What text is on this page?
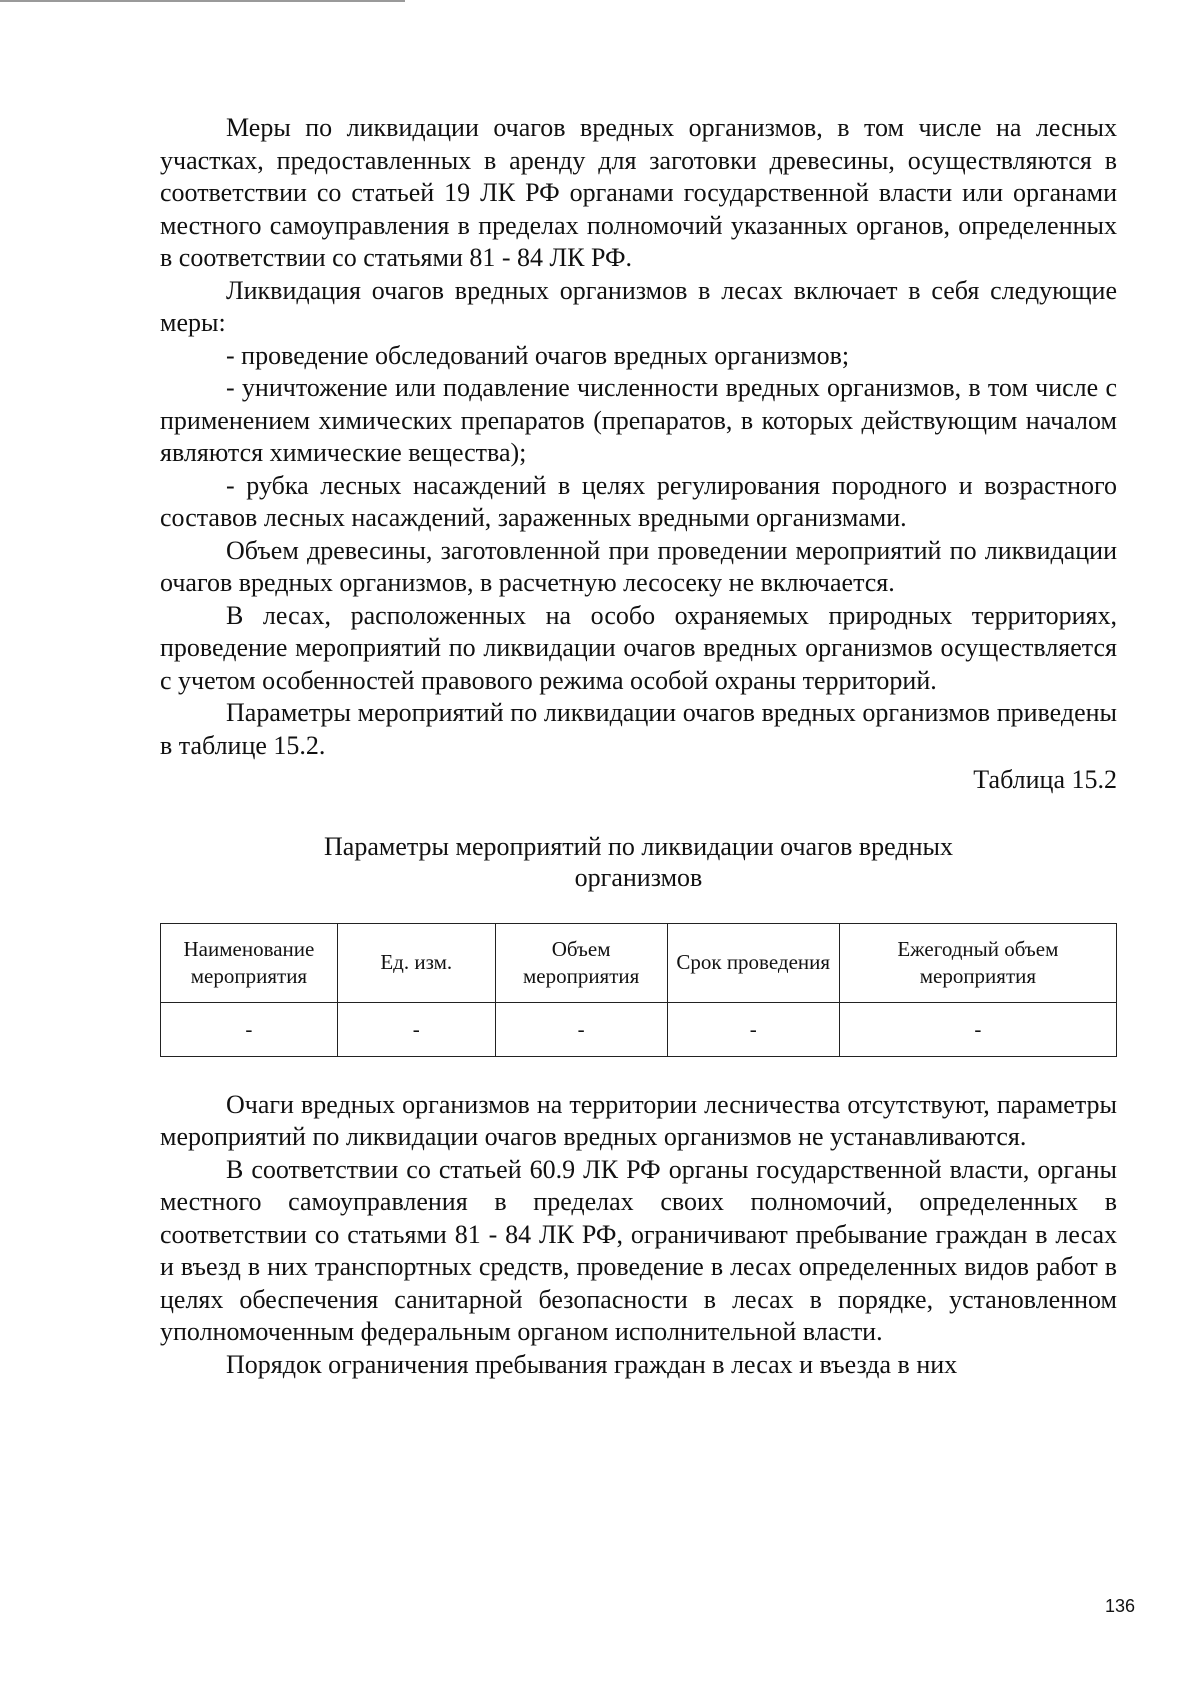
Меры по ликвидации очагов вредных организмов, в том числе на лесных участках, предоставленных в аренду для заготовки древесины, осуществляются в соответствии со статьей 19 ЛК РФ органами государственной власти или органами местного самоуправления в пределах полномочий указанных органов, определенных в соответствии со статьями 81 - 84 ЛК РФ.

Ликвидация очагов вредных организмов в лесах включает в себя следующие меры:

- проведение обследований очагов вредных организмов;

- уничтожение или подавление численности вредных организмов, в том числе с применением химических препаратов (препаратов, в которых действующим началом являются химические вещества);

- рубка лесных насаждений в целях регулирования породного и возрастного составов лесных насаждений, зараженных вредными организмами.

Объем древесины, заготовленной при проведении мероприятий по ликвидации очагов вредных организмов, в расчетную лесосеку не включается.

В лесах, расположенных на особо охраняемых природных территориях, проведение мероприятий по ликвидации очагов вредных организмов осуществляется с учетом особенностей правового режима особой охраны территорий.

Параметры мероприятий по ликвидации очагов вредных организмов приведены в таблице 15.2.

Таблица 15.2

Параметры мероприятий по ликвидации очагов вредных
организмов

Наименование мероприятия	Ед. изм.	Объем мероприятия	Срок проведения	Ежегодный объем мероприятия
-	-	-	-	-

Очаги вредных организмов на территории лесничества отсутствуют, параметры мероприятий по ликвидации очагов вредных организмов не устанавливаются.

В соответствии со статьей 60.9 ЛК РФ органы государственной власти, органы местного самоуправления в пределах своих полномочий, определенных в соответствии со статьями 81 - 84 ЛК РФ, ограничивают пребывание граждан в лесах и въезд в них транспортных средств, проведение в лесах определенных видов работ в целях обеспечения санитарной безопасности в лесах в порядке, установленном уполномоченным федеральным органом исполнительной власти.

Порядок ограничения пребывания граждан в лесах и въезда в них

136
